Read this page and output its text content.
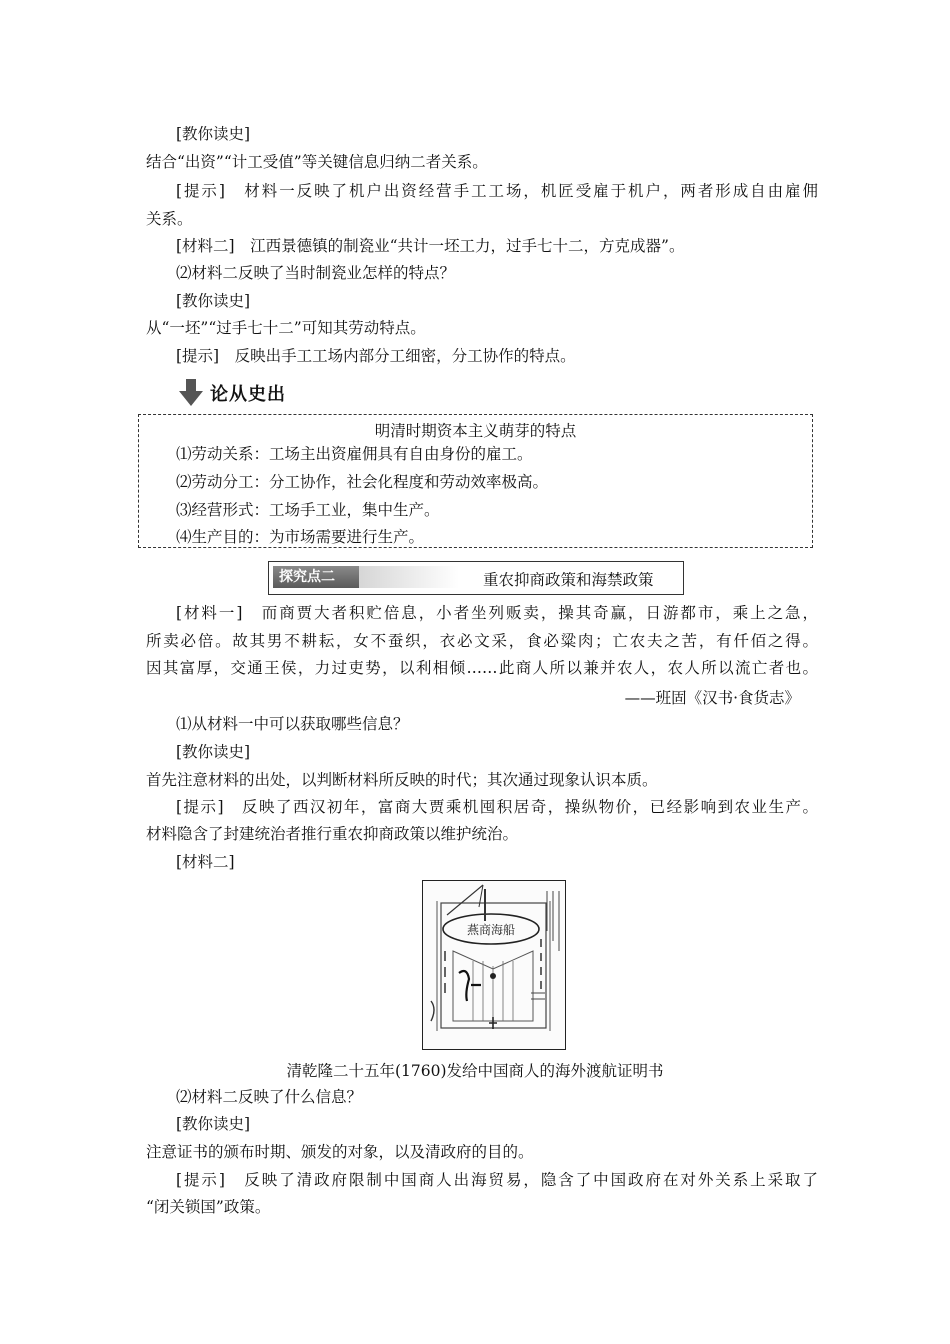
[教你读史]
结合“出资”“计工受值”等关键信息归纳二者关系。
[提示]　材料一反映了机户出资经营手工工场，机匠受雇于机户，两者形成自由雇佣
关系。
[材料二]　江西景德镇的制瓷业“共计一坯工力，过手七十二，方克成器”。
⑵材料二反映了当时制瓷业怎样的特点？
[教你读史]
从“一坯”“过手七十二”可知其劳动特点。
[提示]　反映出手工工场内部分工细密，分工协作的特点。
论从史出
明清时期资本主义萌芽的特点
⑴劳动关系：工场主出资雇佣具有自由身份的雇工。
⑵劳动分工：分工协作，社会化程度和劳动效率极高。
⑶经营形式：工场手工业，集中生产。
⑷生产目的：为市场需要进行生产。
探究点二	重农抑商政策和海禁政策
[材料一]　而商贾大者积贮倍息，小者坐列贩卖，操其奇赢，日游都市，乘上之急，
所卖必倍。故其男不耕耘，女不蚕织，衣必文采，食必粱肉；亡农夫之苦，有仟佰之得。
因其富厚，交通王侯，力过吏势，以利相倾……此商人所以兼并农人，农人所以流亡者也。
——班固《汉书·食货志》
⑴从材料一中可以获取哪些信息？
[教你读史]
首先注意材料的出处，以判断材料所反映的时代；其次通过现象认识本质。
[提示]　反映了西汉初年，富商大贾乘机囤积居奇，操纵物价，已经影响到农业生产。
材料隐含了封建统治者推行重农抑商政策以维护统治。
[材料二]
燕商海船
清乾隆二十五年(1760)发给中国商人的海外渡航证明书
⑵材料二反映了什么信息？
[教你读史]
注意证书的颁布时期、颁发的对象，以及清政府的目的。
[提示]　反映了清政府限制中国商人出海贸易，隐含了中国政府在对外关系上采取了
“闭关锁国”政策。
